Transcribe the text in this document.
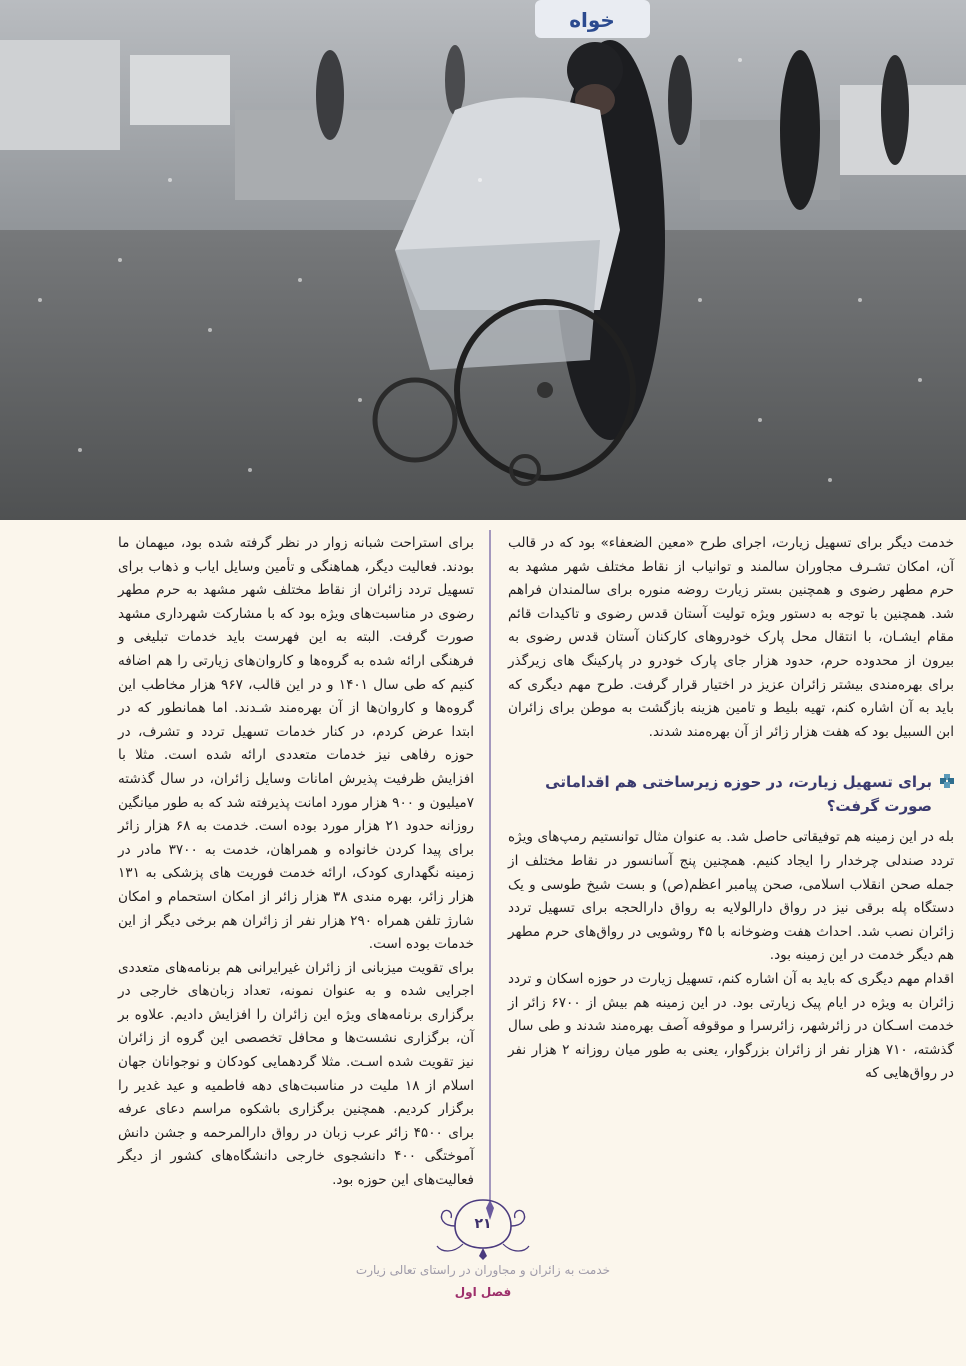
خواه

خدمت دیگر برای تسهیل زیارت، اجرای طرح «معین الضعفاء» بود که در قالب آن، امکان تشـرف مجاوران سالمند و توانیاب از نقاط مختلف شهر مشهد به حرم مطهر رضوی و همچنین بستر زیارت روضه منوره برای سالمندان فراهم شد. همچنین با توجه به دستور ویژه تولیت آستان قدس رضوی و تاکیدات قائم مقام ایشـان، با انتقال محل پارک خودروهای کارکنان آستان قدس رضوی به بیرون از محدوده حرم، حدود هزار جای پارک خودرو در پارکینگ های زیرگذر برای بهره‌مندی بیشتر زائران عزیز در اختیار قرار گرفت. طرح مهم دیگری که باید به آن اشاره کنم، تهیه بلیط و تامین هزینه بازگشت به موطن برای زائران ابن السبیل بود که هفت هزار زائر از آن بهره‌مند شدند.

برای تسهیل زیارت، در حوزه زیرساختی هم اقداماتی صورت گرفت؟

بله در این زمینه هم توفیقاتی حاصل شد. به عنوان مثال توانستیم رمپ‌های ویژه تردد صندلی چرخدار را ایجاد کنیم. همچنین پنج آسانسور در نقاط مختلف از جمله صحن انقلاب اسلامی، صحن پیامبر اعظم(ص) و بست شیخ طوسی و یک دستگاه پله برقی نیز در رواق دارالولایه به رواق دارالحجه برای تسهیل تردد زائران نصب شد. احداث هفت وضوخانه با ۴۵ روشویی در رواق‌های حرم مطهر هم دیگر خدمت در این زمینه بود.

اقدام مهم دیگری که باید به آن اشاره کنم، تسهیل زیارت در حوزه اسکان و تردد زائران به ویژه در ایام پیک زیارتی بود. در این زمینه هم بیش از ۶۷۰۰ زائر از خدمت اسـکان در زائرشهر، زائرسرا و موقوفه آصف بهره‌مند شدند و طی سال گذشته، ۷۱۰ هزار نفر از زائران بزرگوار، یعنی به طور میان روزانه ۲ هزار نفر در رواق‌هایی که

برای استراحت شبانه زوار در نظر گرفته شده بود، میهمان ما بودند. فعالیت دیگر، هماهنگی و تأمین وسایل ایاب و ذهاب برای تسهیل تردد زائران از نقاط مختلف شهر مشهد به حرم مطهر رضوی در مناسبت‌های ویژه بود که با مشارکت شهرداری مشهد صورت گرفت. البته به این فهرست باید خدمات تبلیغی و فرهنگی ارائه شده به گروه‌ها و کاروان‌های زیارتی را هم اضافه کنیم که طی سال ۱۴۰۱ و در این قالب، ۹۶۷ هزار مخاطب این گروه‌ها و کاروان‌ها از آن بهره‌مند شـدند. اما همانطور که در ابتدا عرض کردم، در کنار خدمات تسهیل تردد و تشرف، در حوزه رفاهی نیز خدمات متعددی ارائه شده است. مثلا با افزایش ظرفیت پذیرش امانات وسایل زائران، در سال گذشته ۷میلیون و ۹۰۰ هزار مورد امانت پذیرفته شد که به طور میانگین روزانه حدود ۲۱ هزار مورد بوده است. خدمت به ۶۸ هزار زائر برای پیدا کردن خانواده و همراهان، خدمت به ۳۷۰۰ مادر در زمینه نگهداری کودک، ارائه خدمت فوریت های پزشکی به ۱۳۱ هزار زائر، بهره مندی ۳۸ هزار زائر از امکان استحمام و امکان شارژ تلفن همراه ۲۹۰ هزار نفر از زائران هم برخی دیگر از این خدمات بوده است.

برای تقویت میزبانی از زائران غیرایرانی هم برنامه‌های متعددی اجرایی شده و به عنوان نمونه، تعداد زبان‌های خارجی در برگزاری برنامه‌های ویژه این زائران را افزایش دادیم. علاوه بر آن، برگزاری نشست‌ها و محافل تخصصی این گروه از زائران نیز تقویت شده اسـت. مثلا گردهمایی کودکان و نوجوانان جهان اسلام از ۱۸ ملیت در مناسبت‌های دهه فاطمیه و عید غدیر را برگزار کردیم. همچنین برگزاری باشکوه مراسم دعای عرفه برای ۴۵۰۰ زائر عرب زبان در رواق دارالمرحمه و جشن دانش آموختگی ۴۰۰ دانشجوی خارجی دانشگاه‌های کشور از دیگر فعالیت‌های این حوزه بود.

۲۱
خدمت به زائران و مجاوران در راستای تعالی زیارت
فصل اول
